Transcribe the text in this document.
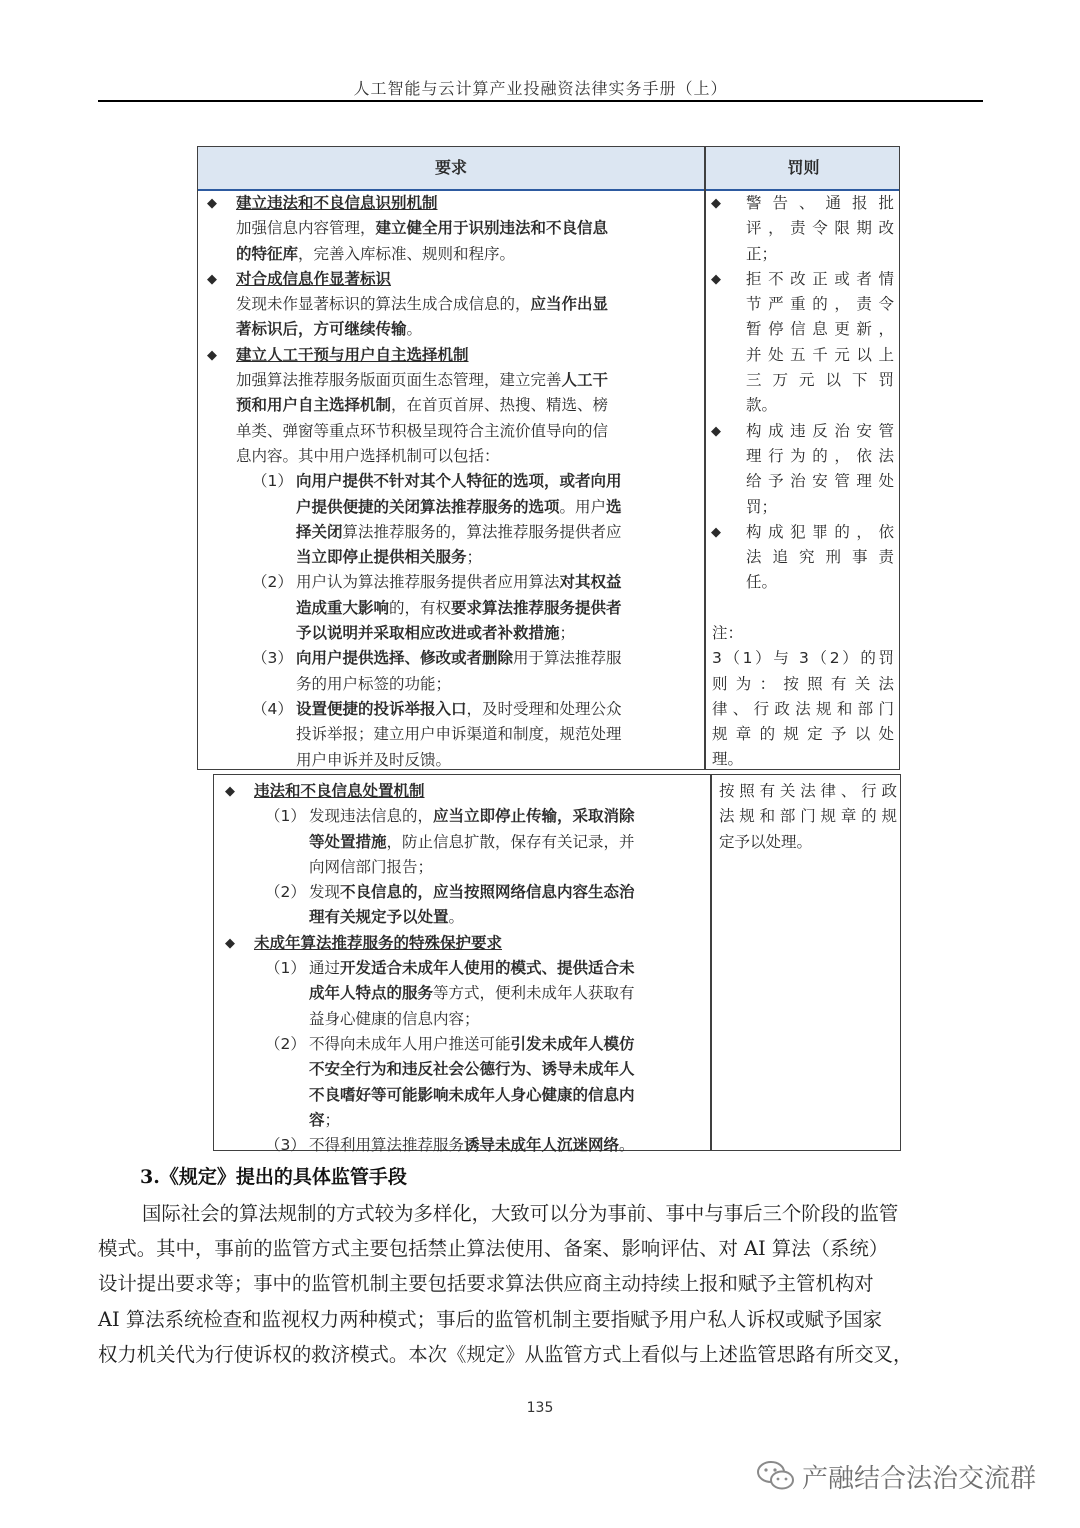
人工智能与云计算产业投融资法律实务手册（上）
要求	罚则
◆ 建立违法和不良信息识别机制
加强信息内容管理，建立健全用于识别违法和不良信息
的特征库，完善入库标准、规则和程序。
◆ 对合成信息作显著标识
发现未作显著标识的算法生成合成信息的，应当作出显
著标识后，方可继续传输。
◆ 建立人工干预与用户自主选择机制
加强算法推荐服务版面页面生态管理，建立完善人工干
预和用户自主选择机制，在首页首屏、热搜、精选、榜
单类、弹窗等重点环节积极呈现符合主流价值导向的信
息内容。其中用户选择机制可以包括：
（1） 向用户提供不针对其个人特征的选项，或者向用
户提供便捷的关闭算法推荐服务的选项。用户选
择关闭算法推荐服务的，算法推荐服务提供者应
当立即停止提供相关服务；
（2） 用户认为算法推荐服务提供者应用算法对其权益
造成重大影响的，有权要求算法推荐服务提供者
予以说明并采取相应改进或者补救措施；
（3） 向用户提供选择、修改或者删除用于算法推荐服
务的用户标签的功能；
（4） 设置便捷的投诉举报入口，及时受理和处理公众
投诉举报；建立用户申诉渠道和制度，规范处理
用户申诉并及时反馈。
◆ 警告、通报批
评，责令限期改
正；
◆ 拒不改正或者情
节严重的，责令
暂停信息更新，
并处五千元以上
三万元以下罚
款。
◆ 构成违反治安管
理行为的，依法
给予治安管理处
罚；
◆ 构成犯罪的，依
法追究刑事责
任。
注：
3（1）与 3（2）的罚
则为：按照有关法
律、行政法规和部门
规章的规定予以处
理。
◆ 违法和不良信息处置机制
（1） 发现违法信息的，应当立即停止传输，采取消除
等处置措施，防止信息扩散，保存有关记录，并
向网信部门报告；
（2） 发现不良信息的，应当按照网络信息内容生态治
理有关规定予以处置。
◆ 未成年算法推荐服务的特殊保护要求
（1） 通过开发适合未成年人使用的模式、提供适合未
成年人特点的服务等方式，便利未成年人获取有
益身心健康的信息内容；
（2） 不得向未成年人用户推送可能引发未成年人模仿
不安全行为和违反社会公德行为、诱导未成年人
不良嗜好等可能影响未成年人身心健康的信息内
容；
（3） 不得利用算法推荐服务诱导未成年人沉迷网络。
按照有关法律、行政
法规和部门规章的规
定予以处理。
3.《规定》提出的具体监管手段
国际社会的算法规制的方式较为多样化，大致可以分为事前、事中与事后三个阶段的监管
模式。其中，事前的监管方式主要包括禁止算法使用、备案、影响评估、对 AI 算法（系统）
设计提出要求等；事中的监管机制主要包括要求算法供应商主动持续上报和赋予主管机构对
AI 算法系统检查和监视权力两种模式；事后的监管机制主要指赋予用户私人诉权或赋予国家
权力机关代为行使诉权的救济模式。本次《规定》从监管方式上看似与上述监管思路有所交叉，
135
产融结合法治交流群
